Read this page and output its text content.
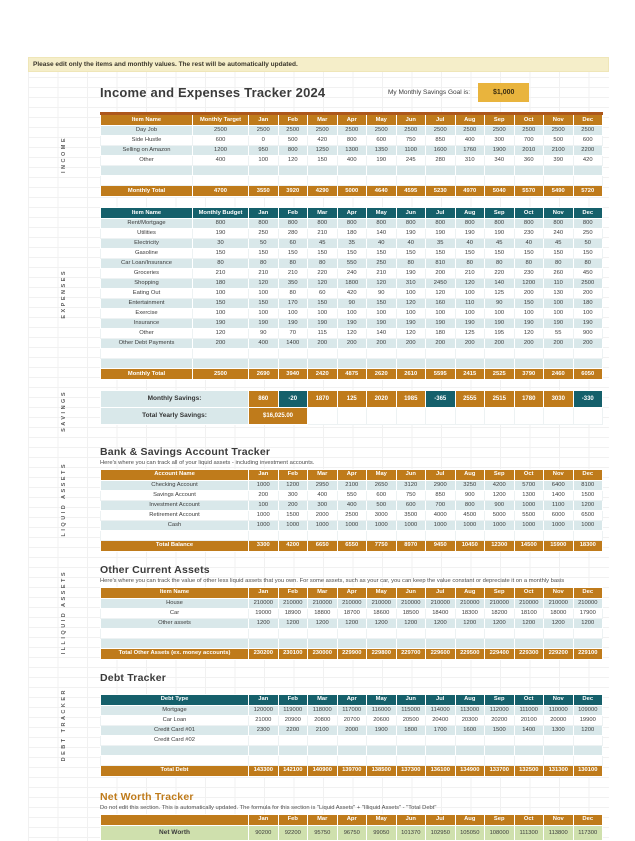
Please edit only the items and monthly values. The rest will be automatically updated.
Income and Expenses Tracker 2024	My Monthly Savings Goal is:	$1,000
INCOME
Item Name	Monthly Target	Jan	Feb	Mar	Apr	May	Jun	Jul	Aug	Sep	Oct	Nov	Dec
Day Job	2500	2500	2500	2500	2500	2500	2500	2500	2500	2500	2500	2500	2500
Side Hustle	600	0	500	420	800	600	750	850	400	300	700	500	600
Selling on Amazon	1200	950	800	1250	1300	1350	1100	1600	1760	1900	2010	2100	2200
Other	400	100	120	150	400	190	245	280	310	340	360	390	420

Monthly Total	4700	3550	3920	4290	5000	4640	4595	5230	4970	5040	5570	5490	5720
EXPENSES
Item Name	Monthly Budget	Jan	Feb	Mar	Apr	May	Jun	Jul	Aug	Sep	Oct	Nov	Dec
Rent/Mortgage	800	800	800	800	800	800	800	800	800	800	800	800	800
Utilities	190	250	280	210	180	140	190	190	190	190	230	240	250
Electricity	30	50	60	45	35	40	40	35	40	45	40	45	50
Gasoline	150	150	150	150	150	150	150	150	150	150	150	150	150
Car Loan/Insurance	80	80	80	80	550	250	80	810	80	80	80	80	80
Groceries	210	210	210	220	240	210	190	200	210	220	230	260	450
Shopping	180	120	350	120	1800	120	310	2450	120	140	1200	110	2500
Eating Out	100	100	80	60	420	90	100	120	100	125	200	130	200
Entertainment	150	150	170	150	90	150	120	160	110	90	150	100	180
Exercise	100	100	100	100	100	100	100	100	100	100	100	100	100
Insurance	190	190	190	190	190	190	190	190	190	190	190	190	190
Other	120	90	70	115	120	140	120	180	125	195	120	55	900
Other Debt Payments	200	400	1400	200	200	200	200	200	200	200	200	200	200

Monthly Total	2500	2690	3940	2420	4875	2620	2610	5595	2415	2525	3790	2460	6050
SAVINGS	Monthly Savings:	860	-20	1870	125	2020	1985	-365	2555	2515	1780	3030	-330
Total Yearly Savings:	$16,025.00											
LIQUID ASSETS
Bank & Savings Account Tracker
Here's where you can track all of your liquid assets - including investment accounts.
Account Name	Jan	Feb	Mar	Apr	May	Jun	Jul	Aug	Sep	Oct	Nov	Dec
Checking Account	1000	1200	2950	2100	2650	3120	2900	3250	4200	5700	6400	8100
Savings Account	200	300	400	550	600	750	850	900	1200	1300	1400	1500
Investment Account	100	200	300	400	500	600	700	800	900	1000	1100	1200
Retirement Account	1000	1500	2000	2500	3000	3500	4000	4500	5000	5500	6000	6500
Cash	1000	1000	1000	1000	1000	1000	1000	1000	1000	1000	1000	1000

Total Balance	3300	4200	6650	6550	7750	8970	9450	10450	12300	14500	15900	18300
ILLIQUID ASSETS	Other Current Assets
Here's where you can track the value of other less liquid assets that you own. For some assets, such as your car, you can keep the value constant or depreciate it on a monthly basis
Item Name	Jan	Feb	Mar	Apr	May	Jun	Jul	Aug	Sep	Oct	Nov	Dec
House	210000	210000	210000	210000	210000	210000	210000	210000	210000	210000	210000	210000
Car	19000	18900	18800	18700	18600	18500	18400	18300	18200	18100	18000	17900
Other assets	1200	1200	1200	1200	1200	1200	1200	1200	1200	1200	1200	1200

Total Other Assets (ex. money accounts)	230200	230100	230000	229900	229800	229700	229600	229500	229400	229300	229200	229100
DEBT TRACKER
Debt Tracker
Debt Type	Jan	Feb	Mar	Apr	May	Jun	Jul	Aug	Sep	Oct	Nov	Dec
Mortgage	120000	119000	118000	117000	116000	115000	114000	113000	112000	111000	110000	109000
Car Loan	21000	20900	20800	20700	20600	20500	20400	20300	20200	20100	20000	19900
Credit Card #01	2300	2200	2100	2000	1900	1800	1700	1600	1500	1400	1300	1200
Credit Card #02												

Total Debt	143300	142100	140900	139700	138500	137300	136100	134900	133700	132500	131300	130100
Net Worth Tracker
Do not edit this section. This is automatically updated. The formula for this section is "Liquid Assets" + "Illiquid Assets" - "Total Debt"
	Jan	Feb	Mar	Apr	May	Jun	Jul	Aug	Sep	Oct	Nov	Dec
Net Worth	90200	92200	95750	96750	99050	101370	102950	105050	108000	111300	113800	117300
